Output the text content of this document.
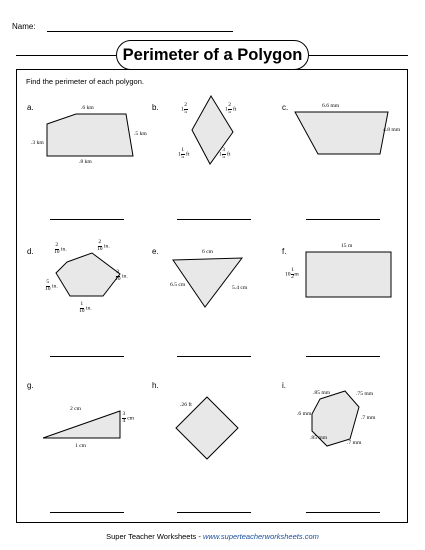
Name:
Perimeter of a Polygon
Find the perimeter of each polygon.
a.	b.	c.
d.	e.	f.
g.	h.	i.
.6 km
.3 km
.5 km
.8 km
$1 \frac{2}{5}$	$1 \frac{2}{5}$ ft
$1 \frac{1}{5}$ ft	$1 \frac{3}{5}$ ft
6.6 mm
4.8 mm
$\frac{2}{10}$ in.	$\frac{2}{10}$ in.
$\frac{3}{10}$ in.
$\frac{5}{10}$ in.
$\frac{1}{10}$ in.
6 cm
6.5 cm	5.4 cm
15 m
$10 \frac{1}{2}$ m
2 cm
$\frac{3}{4}$ cm
1 cm
.26 ft
.85 mm	.75 mm
.6 mm
.7 mm
.85 mm
.7 mm
Super Teacher Worksheets - www.superteacherworksheets.com
